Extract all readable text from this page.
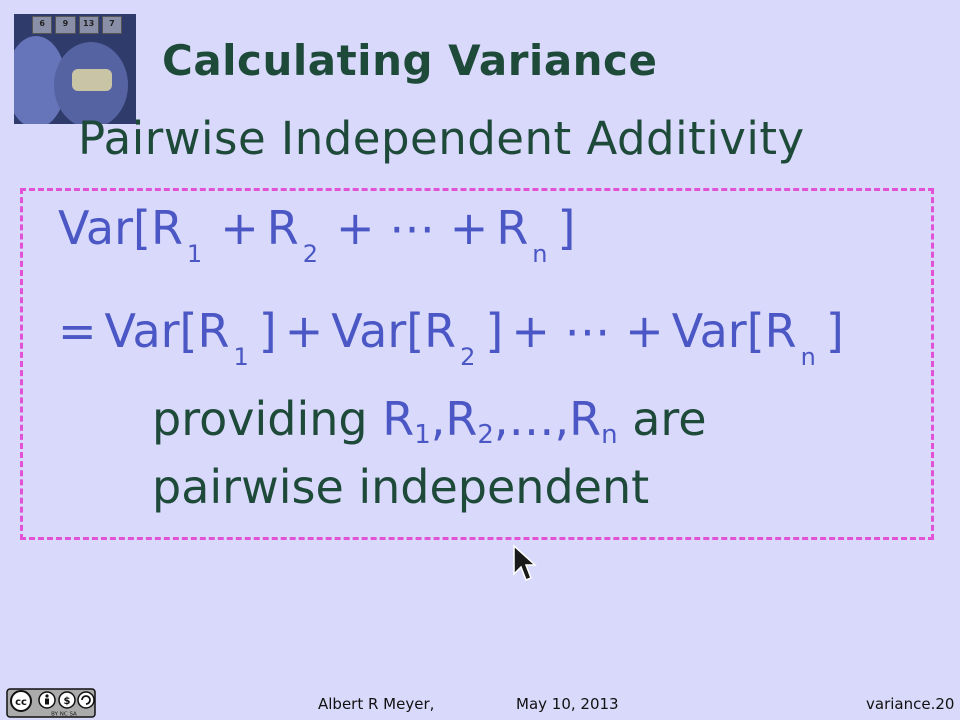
6	9	13	7
Calculating Variance
Pairwise Independent Additivity
Var[R $_1$ + R $_2$ + ⋯ + R $_n$ ]
= Var[R $_1$ ] + Var[R $_2$ ] + ⋯ + Var[R $_n$ ]
providing $R_1,R_2,\dots,R_n$ are
pairwise independent
cc	$
BY NC SA
Albert R Meyer,	May 10, 2013	variance.20
